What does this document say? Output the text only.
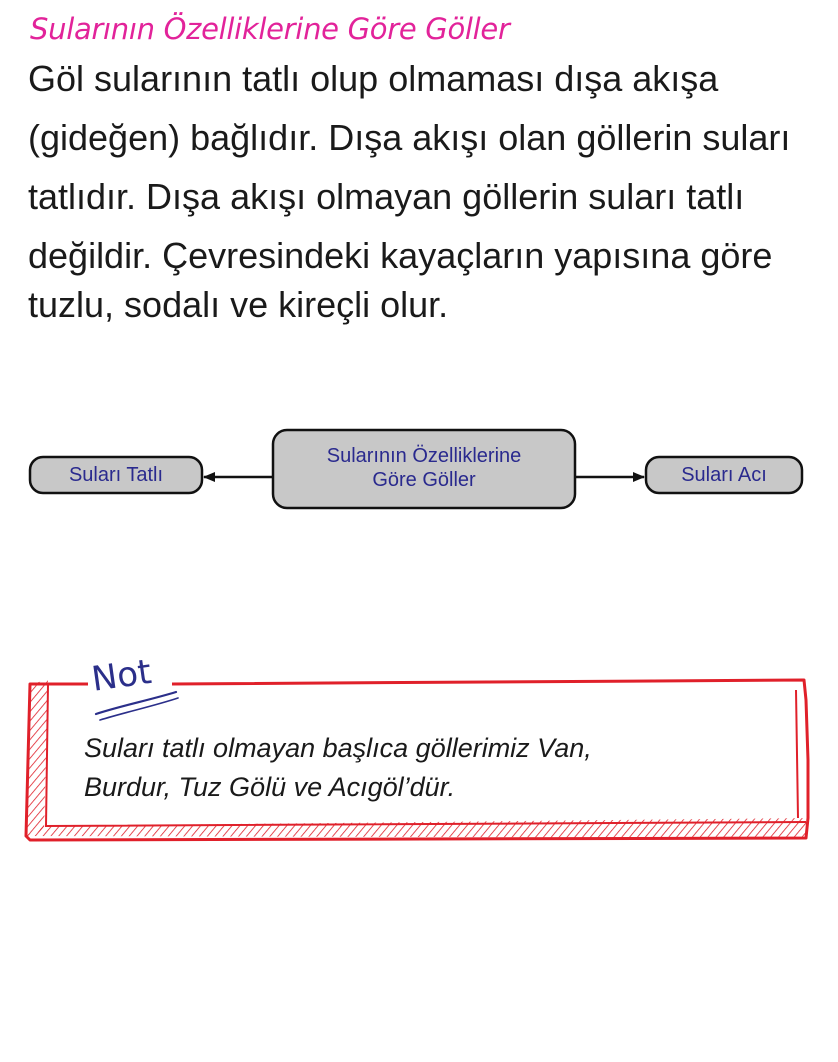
Sularının Özelliklerine Göre Göller
Göl sularının tatlı olup olmaması dışa akışa
(gideğen) bağlıdır. Dışa akışı olan göllerin suları
tatlıdır. Dışa akışı olmayan göllerin suları tatlı
değildir. Çevresindeki kayaçların yapısına göre
tuzlu, sodalı ve kireçli olur.
Suları Tatlı
Sularının Özelliklerine
Göre Göller	Suları Acı
Not
Suları tatlı olmayan başlıca göllerimiz Van,
Burdur, Tuz Gölü ve Acıgöl’dür.
